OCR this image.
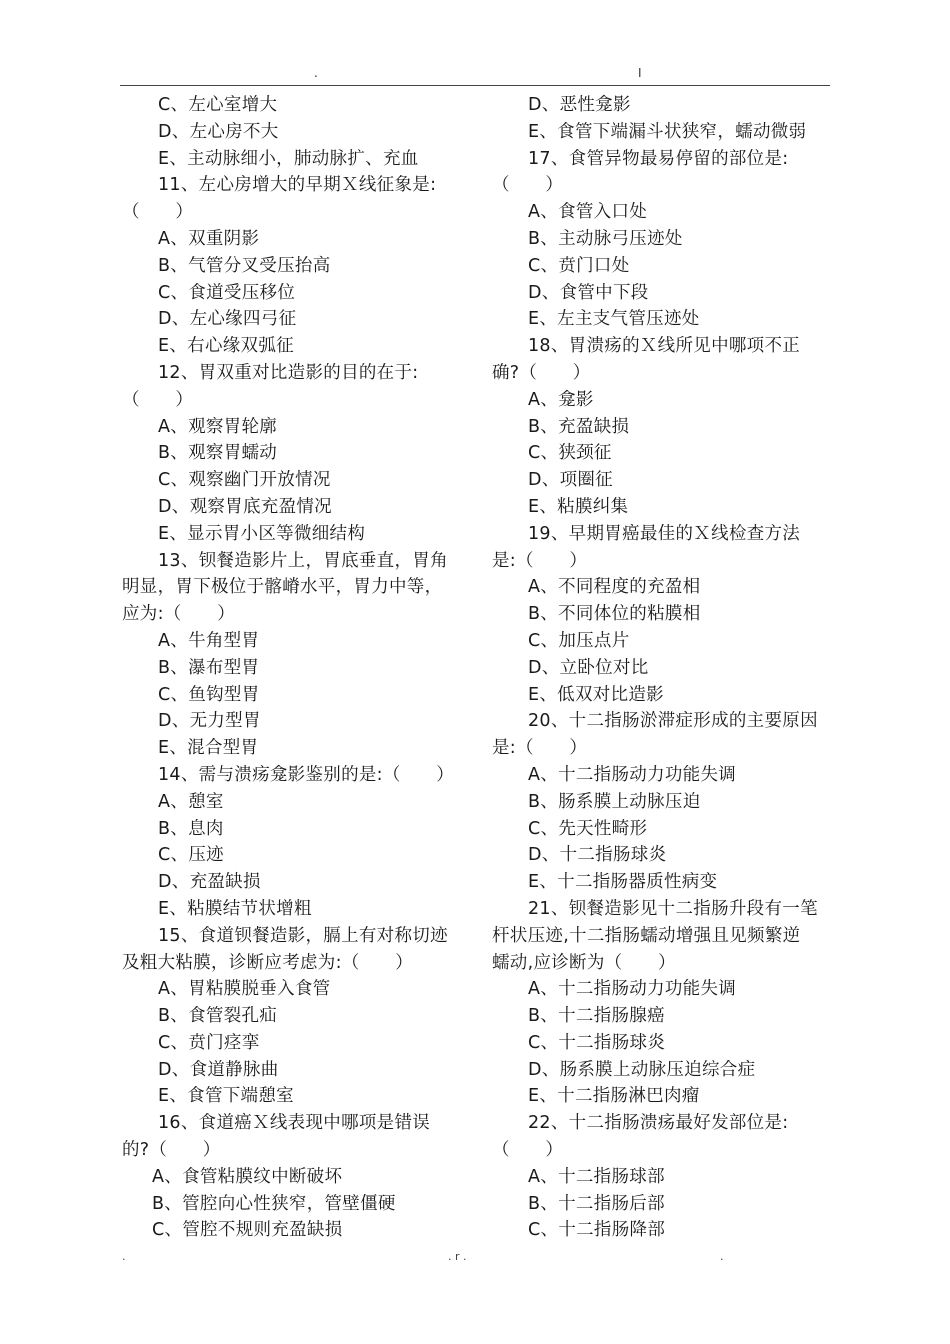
.	I
C、左心室增大
D、左心房不大
E、主动脉细小，肺动脉扩、充血
11、左心房增大的早期Ｘ线征象是:
（　　）
A、双重阴影
B、气管分叉受压抬高
C、食道受压移位
D、左心缘四弓征
E、右心缘双弧征
12、胃双重对比造影的目的在于:
（　　）
A、观察胃轮廓
B、观察胃蠕动
C、观察幽门开放情况
D、观察胃底充盈情况
E、显示胃小区等微细结构
13、钡餐造影片上，胃底垂直，胃角
明显，胃下极位于髂嵴水平，胃力中等，
应为:（　　）
A、牛角型胃
B、瀑布型胃
C、鱼钩型胃
D、无力型胃
E、混合型胃
14、需与溃疡龛影鉴别的是:（　　）
A、憩室
B、息肉
C、压迹
D、充盈缺损
E、粘膜结节状增粗
15、食道钡餐造影，膈上有对称切迹
及粗大粘膜，诊断应考虑为:（　　）
A、胃粘膜脱垂入食管
B、食管裂孔疝
C、贲门痉挛
D、食道静脉曲
E、食管下端憩室
16、食道癌Ｘ线表现中哪项是错误
的?（　　）
A、食管粘膜纹中断破坏
B、管腔向心性狭窄，管壁僵硬
C、管腔不规则充盈缺损
D、恶性龛影
E、食管下端漏斗状狭窄，蠕动微弱
17、食管异物最易停留的部位是:
（　　）
A、食管入口处
B、主动脉弓压迹处
C、贲门口处
D、食管中下段
E、左主支气管压迹处
18、胃溃疡的Ｘ线所见中哪项不正
确?（　　）
A、龛影
B、充盈缺损
C、狭颈征
D、项圈征
E、粘膜纠集
19、早期胃癌最佳的Ｘ线检查方法
是:（　　）
A、不同程度的充盈相
B、不同体位的粘膜相
C、加压点片
D、立卧位对比
E、低双对比造影
20、十二指肠淤滞症形成的主要原因
是:（　　）
A、十二指肠动力功能失调
B、肠系膜上动脉压迫
C、先天性畸形
D、十二指肠球炎
E、十二指肠器质性病变
21、钡餐造影见十二指肠升段有一笔
杆状压迹,十二指肠蠕动增强且见频繁逆
蠕动,应诊断为（　　）
A、十二指肠动力功能失调
B、十二指肠腺癌
C、十二指肠球炎
D、肠系膜上动脉压迫综合症
E、十二指肠淋巴肉瘤
22、十二指肠溃疡最好发部位是:
（　　）
A、十二指肠球部
B、十二指肠后部
C、十二指肠降部
.	. r .	.
